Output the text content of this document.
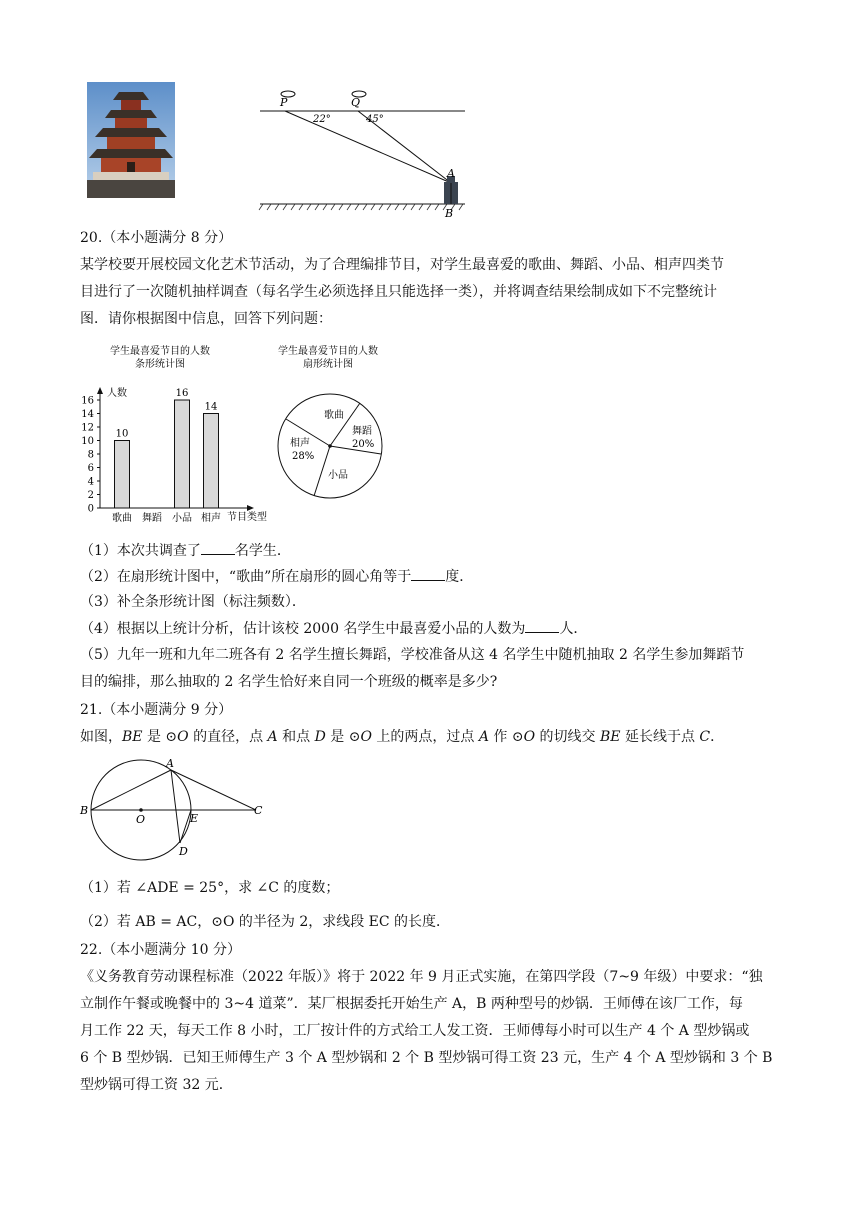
P	Q
22°	45°
A
B
20.（本小题满分 8 分）
某学校要开展校园文化艺术节活动，为了合理编排节目，对学生最喜爱的歌曲、舞蹈、小品、相声四类节
目进行了一次随机抽样调查（每名学生必须选择且只能选择一类），并将调查结果绘制成如下不完整统计
图．请你根据图中信息，回答下列问题：
学生最喜爱节目的人数
条形统计图
人数
0
2
4
6
8
10
12
14
16
歌曲 舞蹈 小品 相声
10
16
14
节目类型
学生最喜爱节目的人数
扇形统计图
歌曲
舞蹈
20%
小品
相声
28%
（1）本次共调查了 名学生．
（2）在扇形统计图中，“歌曲”所在扇形的圆心角等于 度．
（3）补全条形统计图（标注频数）．
（4）根据以上统计分析，估计该校 2000 名学生中最喜爱小品的人数为 人．
（5）九年一班和九年二班各有 2 名学生擅长舞蹈，学校准备从这 4 名学生中随机抽取 2 名学生参加舞蹈节
目的编排，那么抽取的 2 名学生恰好来自同一个班级的概率是多少?
21.（本小题满分 9 分）
如图，BE 是 ⊙O 的直径，点 A 和点 D 是 ⊙O 上的两点，过点 A 作 ⊙O 的切线交 BE 延长线于点 C．
A
B
O	E
C
D
（1）若 ∠ADE = 25°，求 ∠C 的度数；
（2）若 AB = AC，⊙O 的半径为 2，求线段 EC 的长度．
22.（本小题满分 10 分）
《义务教育劳动课程标准（2022 年版）》将于 2022 年 9 月正式实施，在第四学段（7~9 年级）中要求：“独
立制作午餐或晚餐中的 3~4 道菜”．某厂根据委托开始生产 A，B 两种型号的炒锅．王师傅在该厂工作，每
月工作 22 天，每天工作 8 小时，工厂按计件的方式给工人发工资．王师傅每小时可以生产 4 个 A 型炒锅或
6 个 B 型炒锅．已知王师傅生产 3 个 A 型炒锅和 2 个 B 型炒锅可得工资 23 元，生产 4 个 A 型炒锅和 3 个 B
型炒锅可得工资 32 元．
